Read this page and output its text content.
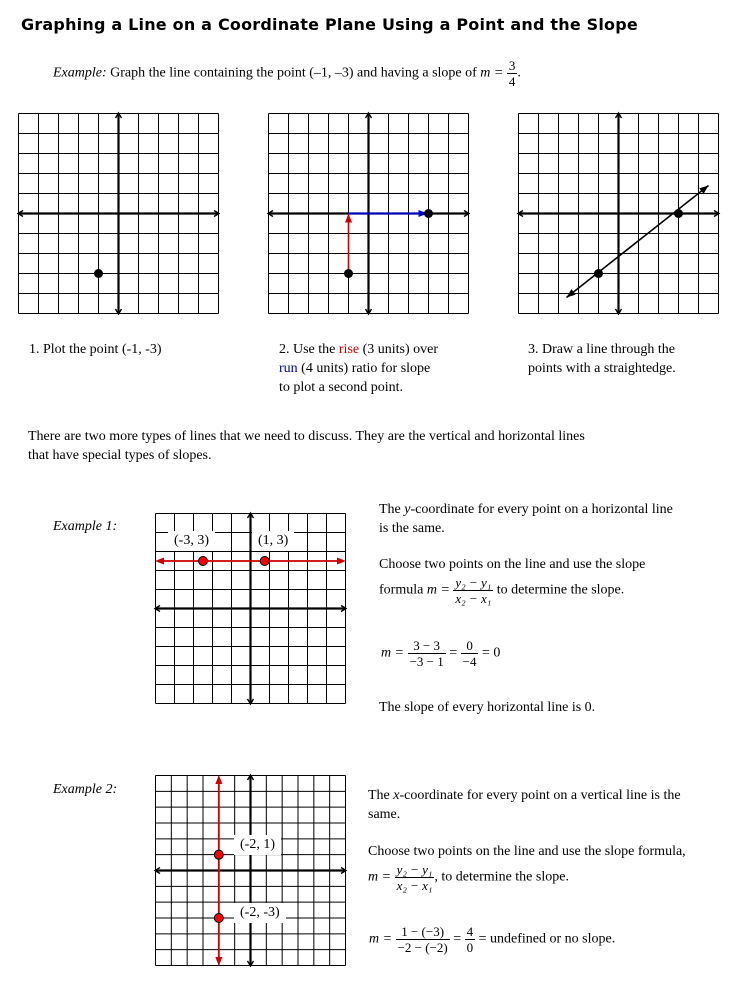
Graphing a Line on a Coordinate Plane Using a Point and the Slope
Example: Graph the line containing the point (–1, –3) and having a slope of $m = \frac{3}{4}$ .
1. Plot the point (-1, -3)	2. Use the rise (3 units) over
run (4 units) ratio for slope
to plot a second point.
3. Draw a line through the
points with a straightedge.
There are two more types of lines that we need to discuss. They are the vertical and horizontal lines
that have special types of slopes.
Example 1:
(-3, 3)	(1, 3)
The y-coordinate for every point on a horizontal line
is the same.
Choose two points on the line and use the slope
formula $m = \frac{\text{y₂ − y₁}}{\text{x₂ − x₁}}$ to determine the slope.
$m = \frac{3 - 3}{-3 - 1} = \frac{0}{-4} = 0$
The slope of every horizontal line is 0.
Example 2:
(-2, 1)
(-2, -3)
The x-coordinate for every point on a vertical line is the
same.
Choose two points on the line and use the slope formula,
$m = \frac{\text{y₂ − y₁}}{\text{x₂ − x₁}}$ , to determine the slope.
$m = \frac{1 - (-3)}{-2 - (-2)} = \frac{4}{0}$ = undefined or no slope.
